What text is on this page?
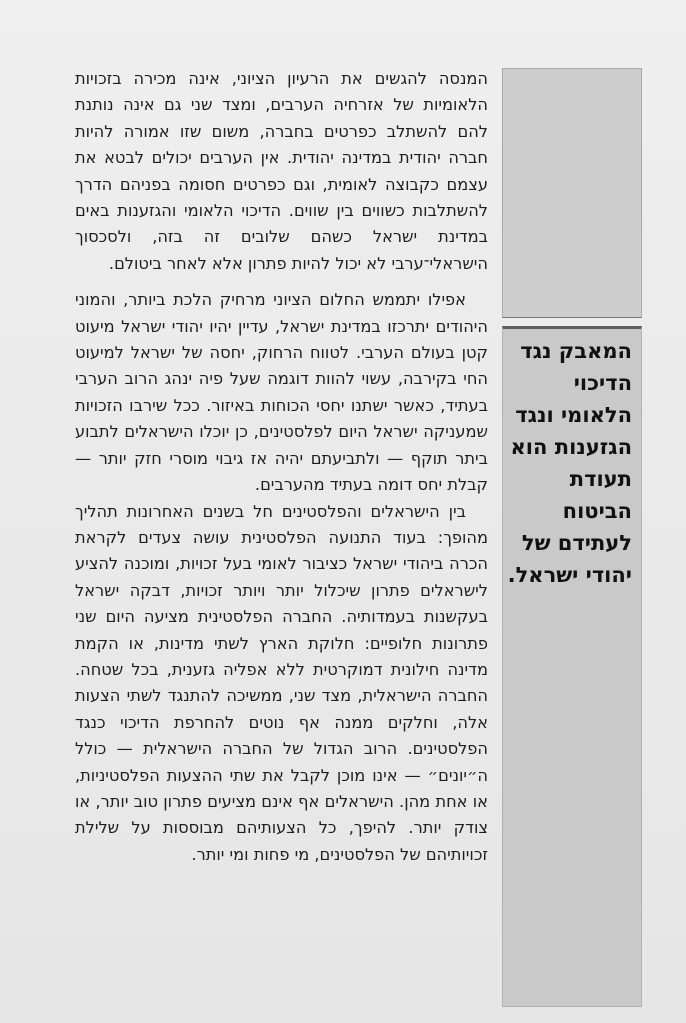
המנסה להגשים את הרעיון הציוני, אינה מכירה בזכויות הלאומיות של אזרחיה הערבים, ומצד שני גם אינה נותנת להם להשתלב כפרטים בחברה, משום שזו אמורה להיות חברה יהודית במדינה יהודית. אין הערבים יכולים לבטא את עצמם כקבוצה לאומית, וגם כפרטים חסומה בפניהם הדרך להשתלבות כשווים בין שווים. הדיכוי הלאומי והגזענות באים במדינת ישראל כשהם שלובים זה בזה, ולסכסוך הישראלי־ערבי לא יכול להיות פתרון אלא לאחר ביטולם.

אפילו יתממש החלום הציוני מרחיק הלכת ביותר, והמוני היהודים יתרכזו במדינת ישראל, עדיין יהיו יהודי ישראל מיעוט קטן בעולם הערבי. לטווח הרחוק, יחסה של ישראל למיעוט החי בקירבה, עשוי להוות דוגמה שעל פיה ינהג הרוב הערבי בעתיד, כאשר ישתנו יחסי הכוחות באיזור. ככל שירבו הזכויות שמעניקה ישראל היום לפלסטינים, כן יוכלו הישראלים לתבוע ביתר תוקף — ולתביעתם יהיה אז גיבוי מוסרי חזק יותר — קבלת יחס דומה בעתיד מהערבים.

בין הישראלים והפלסטינים חל בשנים האחרונות תהליך מהופך: בעוד התנועה הפלסטינית עושה צעדים לקראת הכרה ביהודי ישראל כציבור לאומי בעל זכויות, ומוכנה להציע לישראלים פתרון שיכלול יותר ויותר זכויות, דבקה ישראל בעקשנות בעמדותיה. החברה הפלסטינית מציעה היום שני פתרונות חלופיים: חלוקת הארץ לשתי מדינות, או הקמת מדינה חילונית דמוקרטית ללא אפליה גזענית, בכל שטחה. החברה הישראלית, מצד שני, ממשיכה להתנגד לשתי הצעות אלה, וחלקים ממנה אף נוטים להחרפת הדיכוי כנגד הפלסטינים. הרוב הגדול של החברה הישראלית — כולל ה״יונים״ — אינו מוכן לקבל את שתי ההצעות הפלסטיניות, או אחת מהן. הישראלים אף אינם מציעים פתרון טוב יותר, או צודק יותר. להיפך, כל הצעותיהם מבוססות על שלילת זכויותיהם של הפלסטינים, מי פחות ומי יותר.

המאבק נגד הדיכוי הלאומי ונגד הגזענות הוא תעודת הביטוח לעתידם של יהודי ישראל.
